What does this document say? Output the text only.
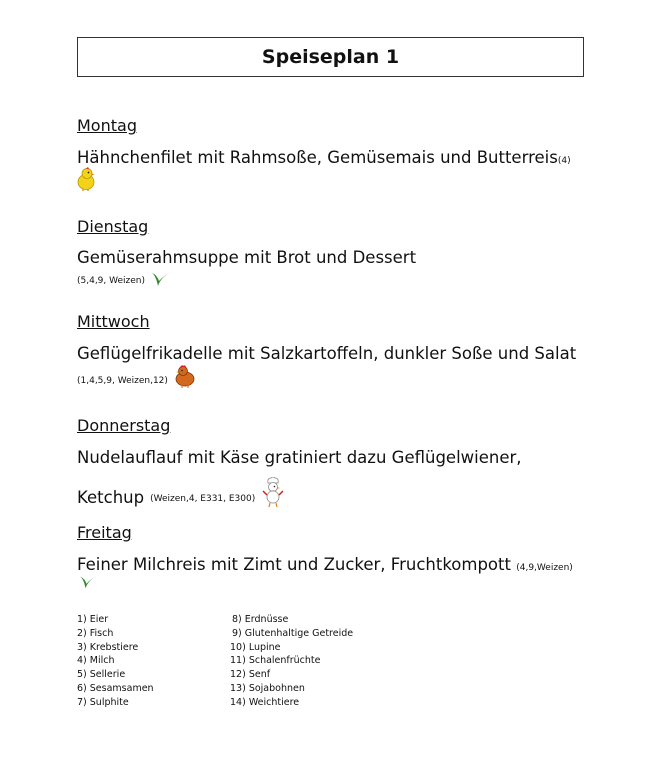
Speiseplan 1
Montag
Hähnchenfilet mit Rahmsoße, Gemüsemais und Butterreis(4)
Dienstag
Gemüserahmsuppe mit Brot und Dessert
(5,4,9, Weizen)
Mittwoch
Geflügelfrikadelle mit Salzkartoffeln, dunkler Soße und Salat
(1,4,5,9, Weizen,12)
Donnerstag
Nudelauflauf mit Käse gratiniert dazu Geflügelwiener,
Ketchup (Weizen,4, E331, E300)
Freitag
Feiner Milchreis mit Zimt und Zucker, Fruchtkompott (4,9,Weizen)
1) Eier
2) Fisch
3) Krebstiere
4) Milch
5) Sellerie
6) Sesamsamen
7) Sulphite
8) Erdnüsse
9) Glutenhaltige Getreide
10) Lupine
11) Schalenfrüchte
12) Senf
13) Sojabohnen
14) Weichtiere
